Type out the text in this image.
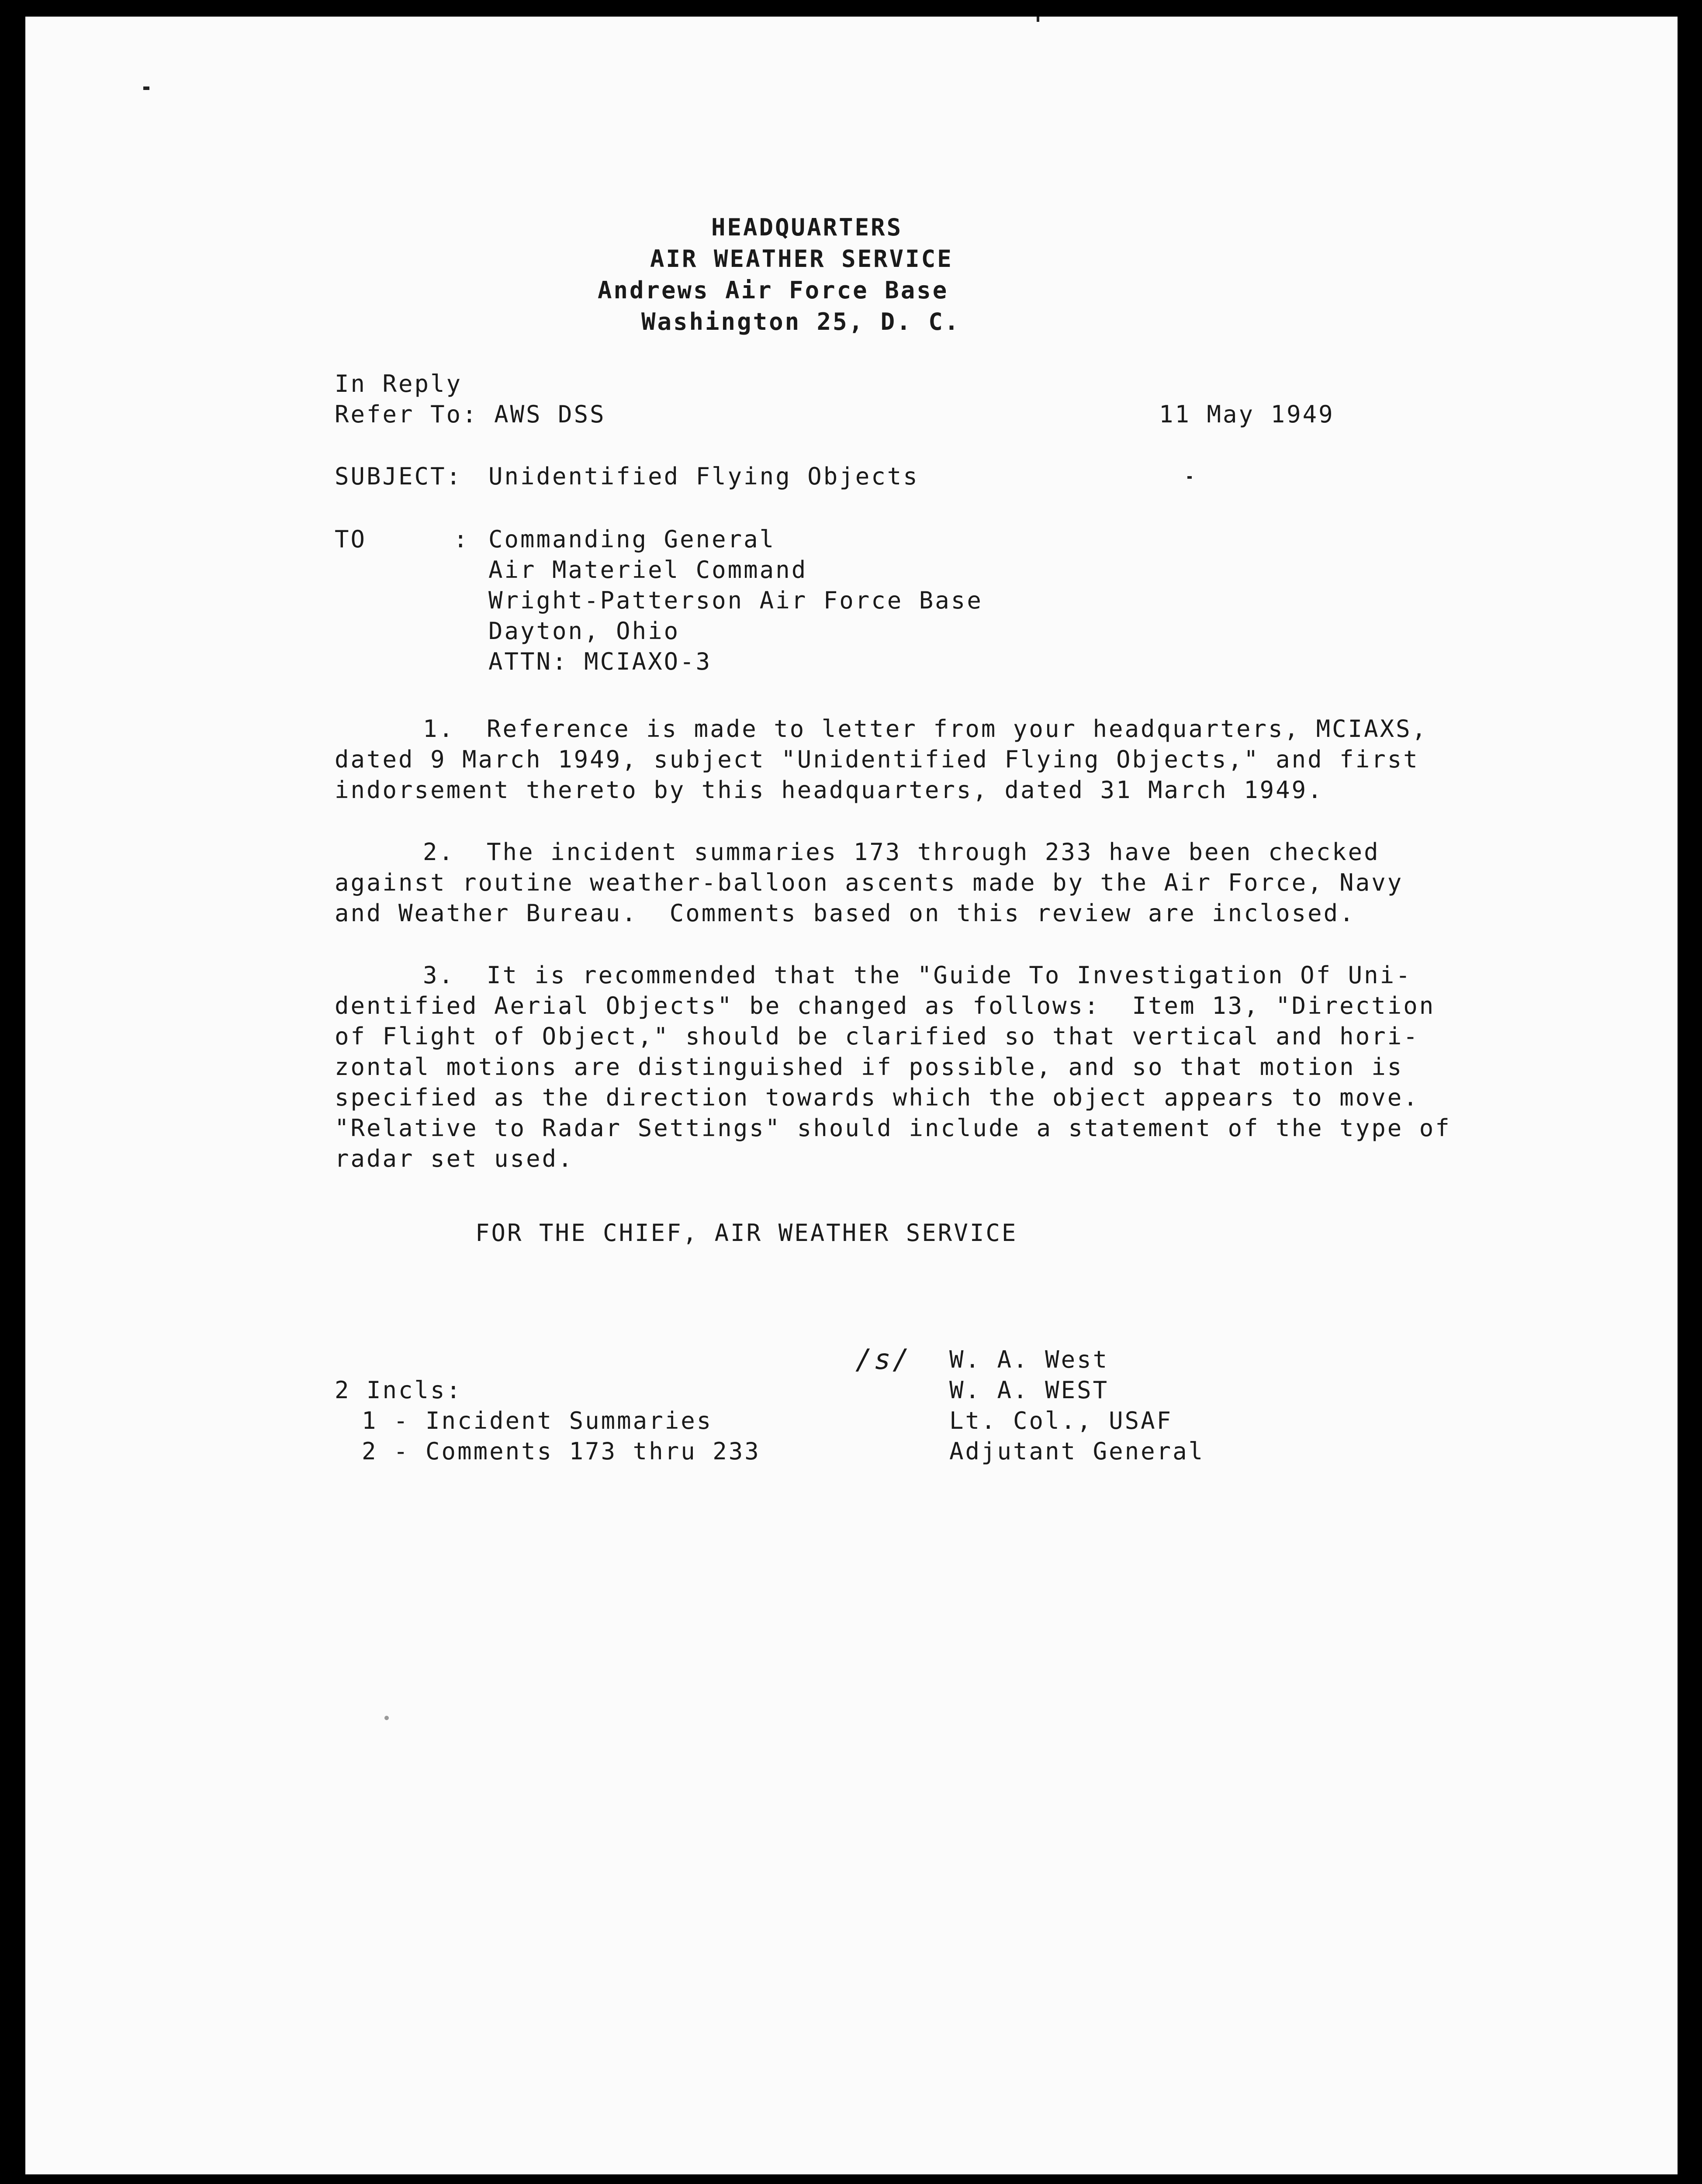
HEADQUARTERS
AIR WEATHER SERVICE
Andrews Air Force Base
Washington 25, D. C.
In Reply
Refer To: AWS DSS	11 May 1949
SUBJECT: Unidentified Flying Objects
TO	: Commanding General
Air Materiel Command
Wright-Patterson Air Force Base
Dayton, Ohio
ATTN: MCIAXO-3
1.  Reference is made to letter from your headquarters, MCIAXS,
dated 9 March 1949, subject "Unidentified Flying Objects," and first
indorsement thereto by this headquarters, dated 31 March 1949.
2.  The incident summaries 173 through 233 have been checked
against routine weather-balloon ascents made by the Air Force, Navy
and Weather Bureau.  Comments based on this review are inclosed.
3.  It is recommended that the "Guide To Investigation Of Uni-
dentified Aerial Objects" be changed as follows:  Item 13, "Direction
of Flight of Object," should be clarified so that vertical and hori-
zontal motions are distinguished if possible, and so that motion is
specified as the direction towards which the object appears to move.
"Relative to Radar Settings" should include a statement of the type of
radar set used.
FOR THE CHIEF, AIR WEATHER SERVICE
/s/ W. A. West
W. A. WEST
Lt. Col., USAF
Adjutant General
2 Incls:
1 - Incident Summaries
2 - Comments 173 thru 233
